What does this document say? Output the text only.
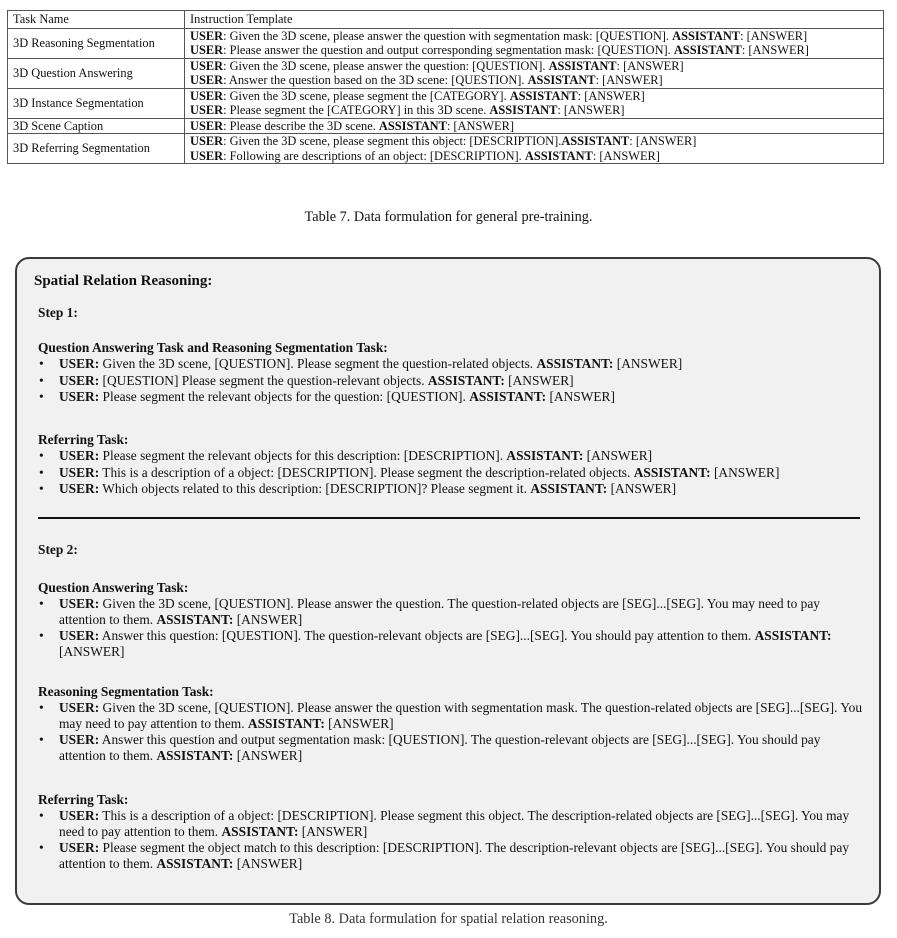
Task Name	Instruction Template
3D Reasoning Segmentation	USER: Given the 3D scene, please answer the question with segmentation mask: [QUESTION]. ASSISTANT: [ANSWER]
USER: Please answer the question and output corresponding segmentation mask: [QUESTION]. ASSISTANT: [ANSWER]

3D Question Answering	USER: Given the 3D scene, please answer the question: [QUESTION]. ASSISTANT: [ANSWER]
USER: Answer the question based on the 3D scene: [QUESTION]. ASSISTANT: [ANSWER]

3D Instance Segmentation	USER: Given the 3D scene, please segment the [CATEGORY]. ASSISTANT: [ANSWER]
USER: Please segment the [CATEGORY] in this 3D scene. ASSISTANT: [ANSWER]

3D Scene Caption	USER: Please describe the 3D scene. ASSISTANT: [ANSWER]

3D Referring Segmentation	USER: Given the 3D scene, please segment this object: [DESCRIPTION].ASSISTANT: [ANSWER]
USER: Following are descriptions of an object: [DESCRIPTION]. ASSISTANT: [ANSWER]
Table 7. Data formulation for general pre-training.
Spatial Relation Reasoning:
Step 1:
Question Answering Task and Reasoning Segmentation Task:
• USER: Given the 3D scene, [QUESTION]. Please segment the question-related objects. ASSISTANT: [ANSWER]
• USER: [QUESTION] Please segment the question-relevant objects. ASSISTANT: [ANSWER]
• USER: Please segment the relevant objects for the question: [QUESTION]. ASSISTANT: [ANSWER]
Referring Task:
• USER: Please segment the relevant objects for this description: [DESCRIPTION]. ASSISTANT: [ANSWER]
• USER: This is a description of a object: [DESCRIPTION]. Please segment the description-related objects. ASSISTANT: [ANSWER]
• USER: Which objects related to this description: [DESCRIPTION]? Please segment it. ASSISTANT: [ANSWER]
Step 2:
Question Answering Task:
• USER: Given the 3D scene, [QUESTION]. Please answer the question. The question-related objects are [SEG]...[SEG]. You may need to pay attention to them. ASSISTANT: [ANSWER]
• USER: Answer this question: [QUESTION]. The question-relevant objects are [SEG]...[SEG]. You should pay attention to them. ASSISTANT: [ANSWER]
Reasoning Segmentation Task:
• USER: Given the 3D scene, [QUESTION]. Please answer the question with segmentation mask. The question-related objects are [SEG]...[SEG]. You may need to pay attention to them. ASSISTANT: [ANSWER]
• USER: Answer this question and output segmentation mask: [QUESTION]. The question-relevant objects are [SEG]...[SEG]. You should pay attention to them. ASSISTANT: [ANSWER]
Referring Task:
• USER: This is a description of a object: [DESCRIPTION]. Please segment this object. The description-related objects are [SEG]...[SEG]. You may need to pay attention to them. ASSISTANT: [ANSWER]
• USER: Please segment the object match to this description: [DESCRIPTION]. The description-relevant objects are [SEG]...[SEG]. You should pay attention to them. ASSISTANT: [ANSWER]
Table 8. Data formulation for spatial relation reasoning.
